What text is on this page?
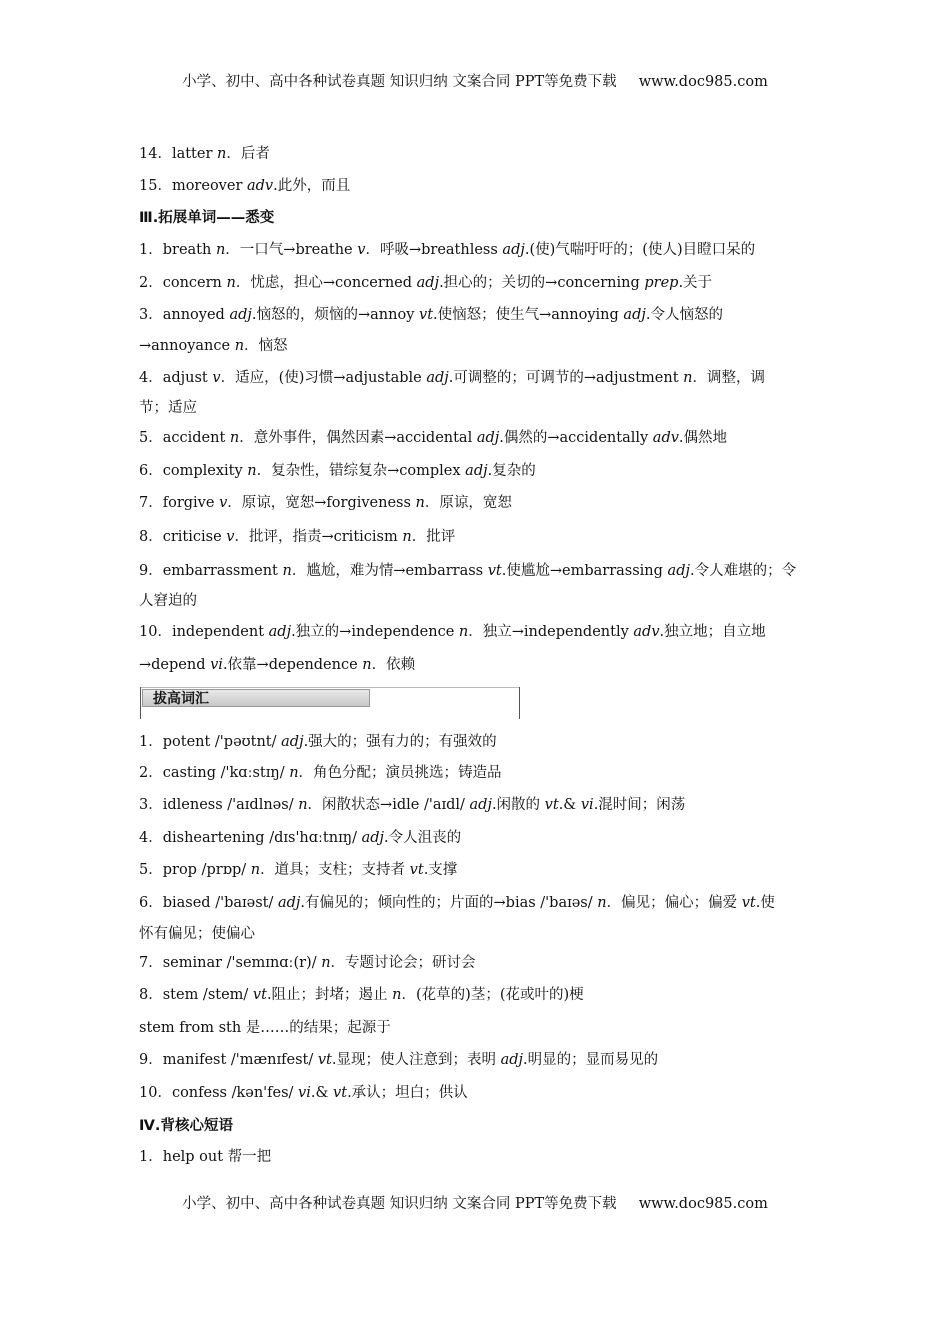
小学、初中、高中各种试卷真题 知识归纳 文案合同 PPT等免费下载 www.doc985.com
14．latter n．后者
15．moreover adv.此外，而且
Ⅲ.拓展单词——悉变
1．breath n．一口气→breathe v．呼吸→breathless adj.(使)气喘吁吁的；(使人)目瞪口呆的
2．concern n．忧虑，担心→concerned adj.担心的；关切的→concerning prep.关于
3．annoyed adj.恼怒的，烦恼的→annoy vt.使恼怒；使生气→annoying adj.令人恼怒的
→annoyance n．恼怒
4．adjust v．适应，(使)习惯→adjustable adj.可调整的；可调节的→adjustment n．调整，调
节；适应
5．accident n．意外事件，偶然因素→accidental adj.偶然的→accidentally adv.偶然地
6．complexity n．复杂性，错综复杂→complex adj.复杂的
7．forgive v．原谅，宽恕→forgiveness n．原谅，宽恕
8．criticise v．批评，指责→criticism n．批评
9．embarrassment n．尴尬，难为情→embarrass vt.使尴尬→embarrassing adj.令人难堪的；令
人窘迫的
10．independent adj.独立的→independence n．独立→independently adv.独立地；自立地
→depend vi.依靠→dependence n．依赖
1．potent /'pəʊtnt/ adj.强大的；强有力的；有强效的
2．casting /'kɑːstɪŋ/ n．角色分配；演员挑选；铸造品
3．idleness /'aɪdlnəs/ n．闲散状态→idle /'aɪdl/ adj.闲散的 vt.& vi.混时间；闲荡
4．disheartening /dɪs'hɑːtnɪŋ/ adj.令人沮丧的
5．prop /prɒp/ n．道具；支柱；支持者 vt.支撑
6．biased /'baɪəst/ adj.有偏见的；倾向性的；片面的→bias /'baɪəs/ n．偏见；偏心；偏爱 vt.使
怀有偏见；使偏心
7．seminar /'semɪnɑː(r)/ n．专题讨论会；研讨会
8．stem /stem/ vt.阻止；封堵；遏止 n．(花草的)茎；(花或叶的)梗
stem from sth 是……的结果；起源于
9．manifest /'mænɪfest/ vt.显现；使人注意到；表明 adj.明显的；显而易见的
10．confess /kən'fes/ vi.& vt.承认；坦白；供认
Ⅳ.背核心短语
1．help out 帮一把
拔高词汇
小学、初中、高中各种试卷真题 知识归纳 文案合同 PPT等免费下载 www.doc985.com
